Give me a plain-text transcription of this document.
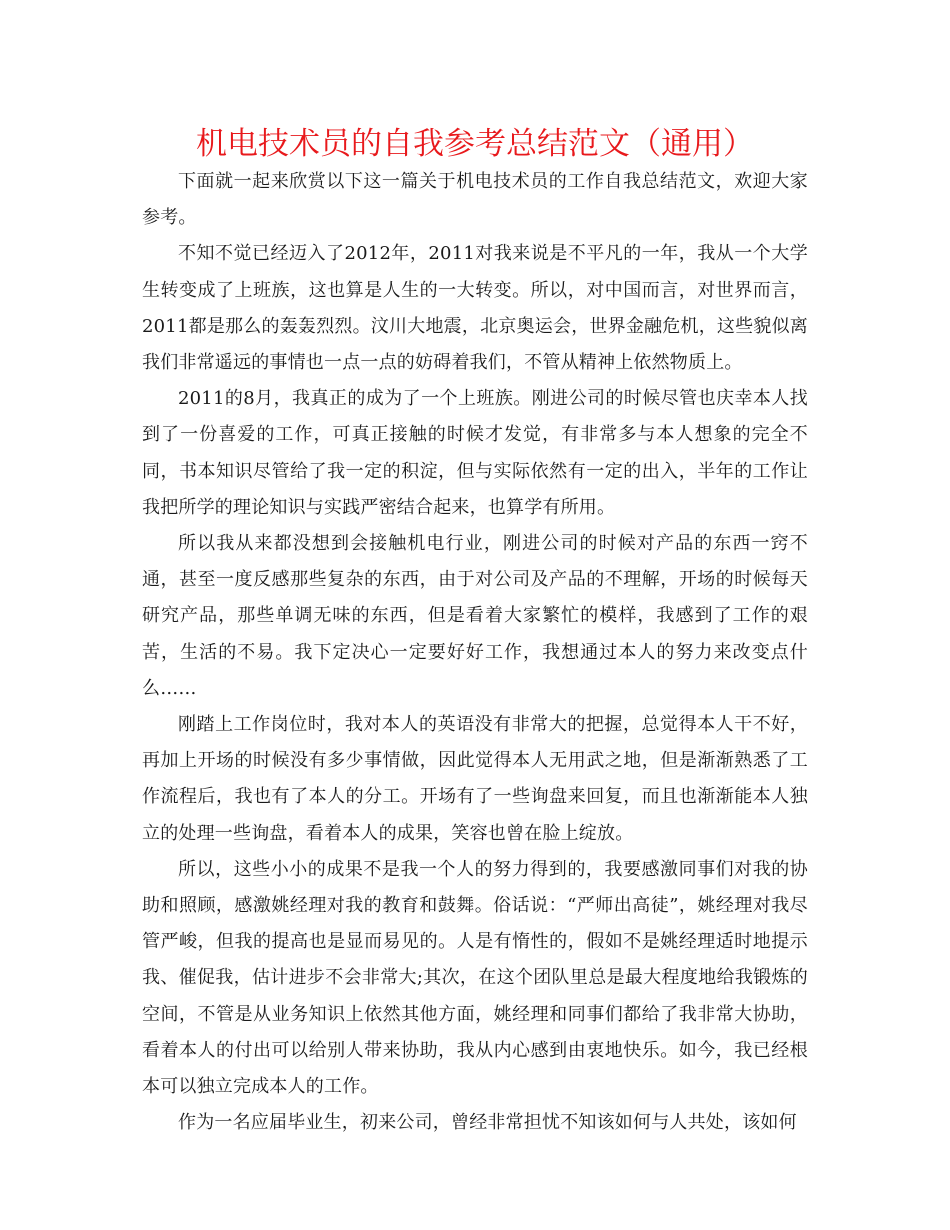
机电技术员的自我参考总结范文（通用）

下面就一起来欣赏以下这一篇关于机电技术员的工作自我总结范文，欢迎大家参考。

不知不觉已经迈入了2012年，2011对我来说是不平凡的一年，我从一个大学生转变成了上班族，这也算是人生的一大转变。所以，对中国而言，对世界而言，2011都是那么的轰轰烈烈。汶川大地震，北京奥运会，世界金融危机，这些貌似离我们非常遥远的事情也一点一点的妨碍着我们，不管从精神上依然物质上。

2011的8月，我真正的成为了一个上班族。刚进公司的时候尽管也庆幸本人找到了一份喜爱的工作，可真正接触的时候才发觉，有非常多与本人想象的完全不同，书本知识尽管给了我一定的积淀，但与实际依然有一定的出入，半年的工作让我把所学的理论知识与实践严密结合起来，也算学有所用。

所以我从来都没想到会接触机电行业，刚进公司的时候对产品的东西一窍不通，甚至一度反感那些复杂的东西，由于对公司及产品的不理解，开场的时候每天研究产品，那些单调无味的东西，但是看着大家繁忙的模样，我感到了工作的艰苦，生活的不易。我下定决心一定要好好工作，我想通过本人的努力来改变点什么……

刚踏上工作岗位时，我对本人的英语没有非常大的把握，总觉得本人干不好，再加上开场的时候没有多少事情做，因此觉得本人无用武之地，但是渐渐熟悉了工作流程后，我也有了本人的分工。开场有了一些询盘来回复，而且也渐渐能本人独立的处理一些询盘，看着本人的成果，笑容也曾在脸上绽放。

所以，这些小小的成果不是我一个人的努力得到的，我要感激同事们对我的协助和照顾，感激姚经理对我的教育和鼓舞。俗话说：“严师出高徒”，姚经理对我尽管严峻，但我的提高也是显而易见的。人是有惰性的，假如不是姚经理适时地提示我、催促我，估计进步不会非常大;其次，在这个团队里总是最大程度地给我锻炼的空间，不管是从业务知识上依然其他方面，姚经理和同事们都给了我非常大协助，看着本人的付出可以给别人带来协助，我从内心感到由衷地快乐。如今，我已经根本可以独立完成本人的工作。

作为一名应届毕业生，初来公司，曾经非常担忧不知该如何与人共处，该如何
